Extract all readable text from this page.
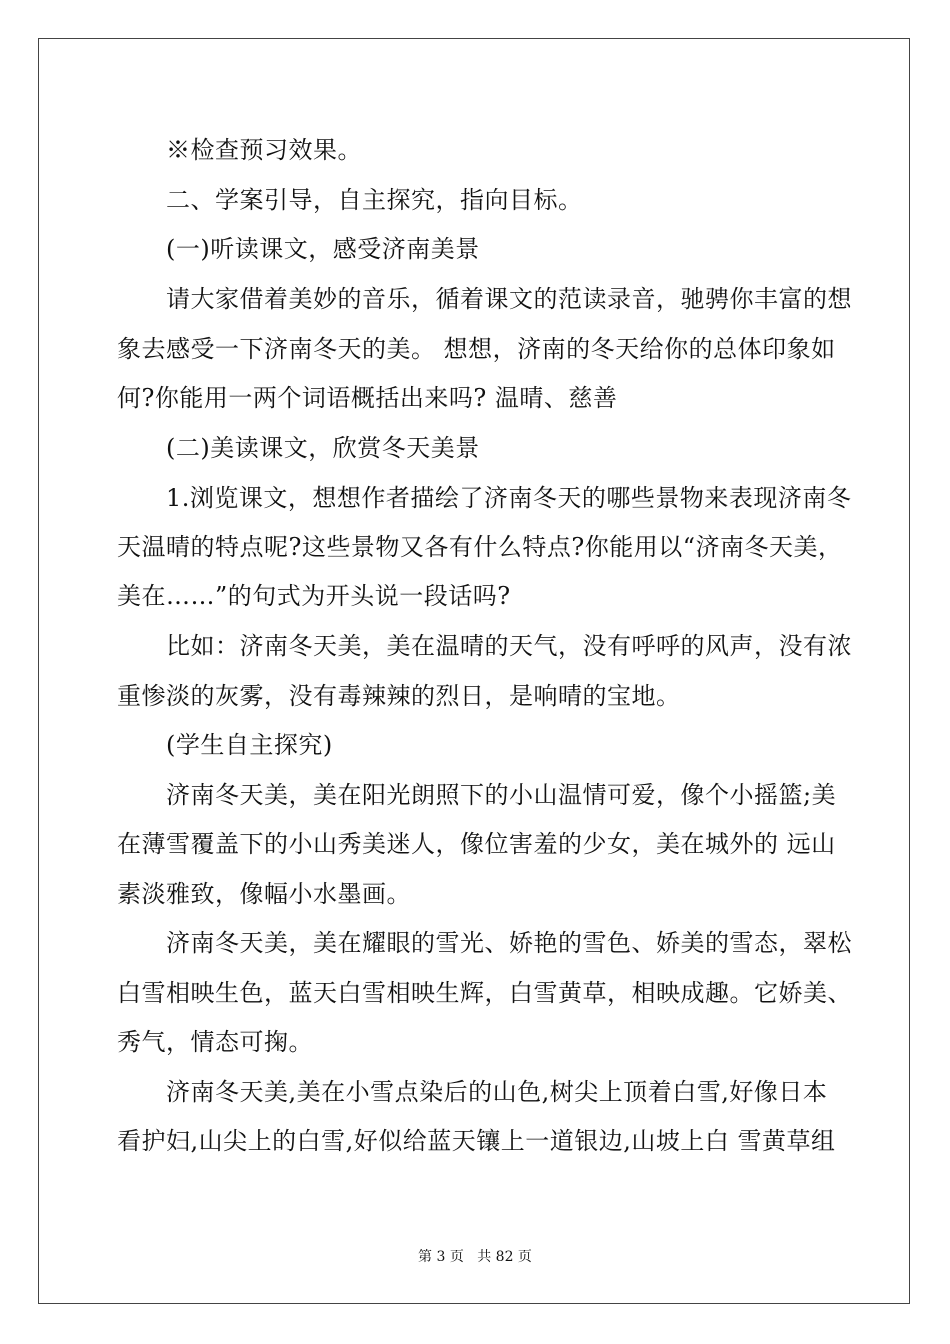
　　※检查预习效果。
　　二、学案引导，自主探究，指向目标。
　　(一)听读课文，感受济南美景
　　请大家借着美妙的音乐，循着课文的范读录音，驰骋你丰富的想
象去感受一下济南冬天的美。 想想，济南的冬天给你的总体印象如
何?你能用一两个词语概括出来吗? 温晴、慈善
　　(二)美读课文，欣赏冬天美景
　　1.浏览课文，想想作者描绘了济南冬天的哪些景物来表现济南冬
天温晴的特点呢?这些景物又各有什么特点?你能用以“济南冬天美，
美在……”的句式为开头说一段话吗?
　　比如：济南冬天美，美在温晴的天气，没有呼呼的风声，没有浓
重惨淡的灰雾，没有毒辣辣的烈日，是响晴的宝地。
　　(学生自主探究)
　　济南冬天美，美在阳光朗照下的小山温情可爱，像个小摇篮;美
在薄雪覆盖下的小山秀美迷人，像位害羞的少女，美在城外的 远山
素淡雅致，像幅小水墨画。
　　济南冬天美，美在耀眼的雪光、娇艳的雪色、娇美的雪态，翠松
白雪相映生色，蓝天白雪相映生辉，白雪黄草，相映成趣。它娇美、
秀气，情态可掬。
　　济南冬天美,美在小雪点染后的山色,树尖上顶着白雪,好像日本
看护妇,山尖上的白雪,好似给蓝天镶上一道银边,山坡上白 雪黄草组
第 3 页 共 82 页
